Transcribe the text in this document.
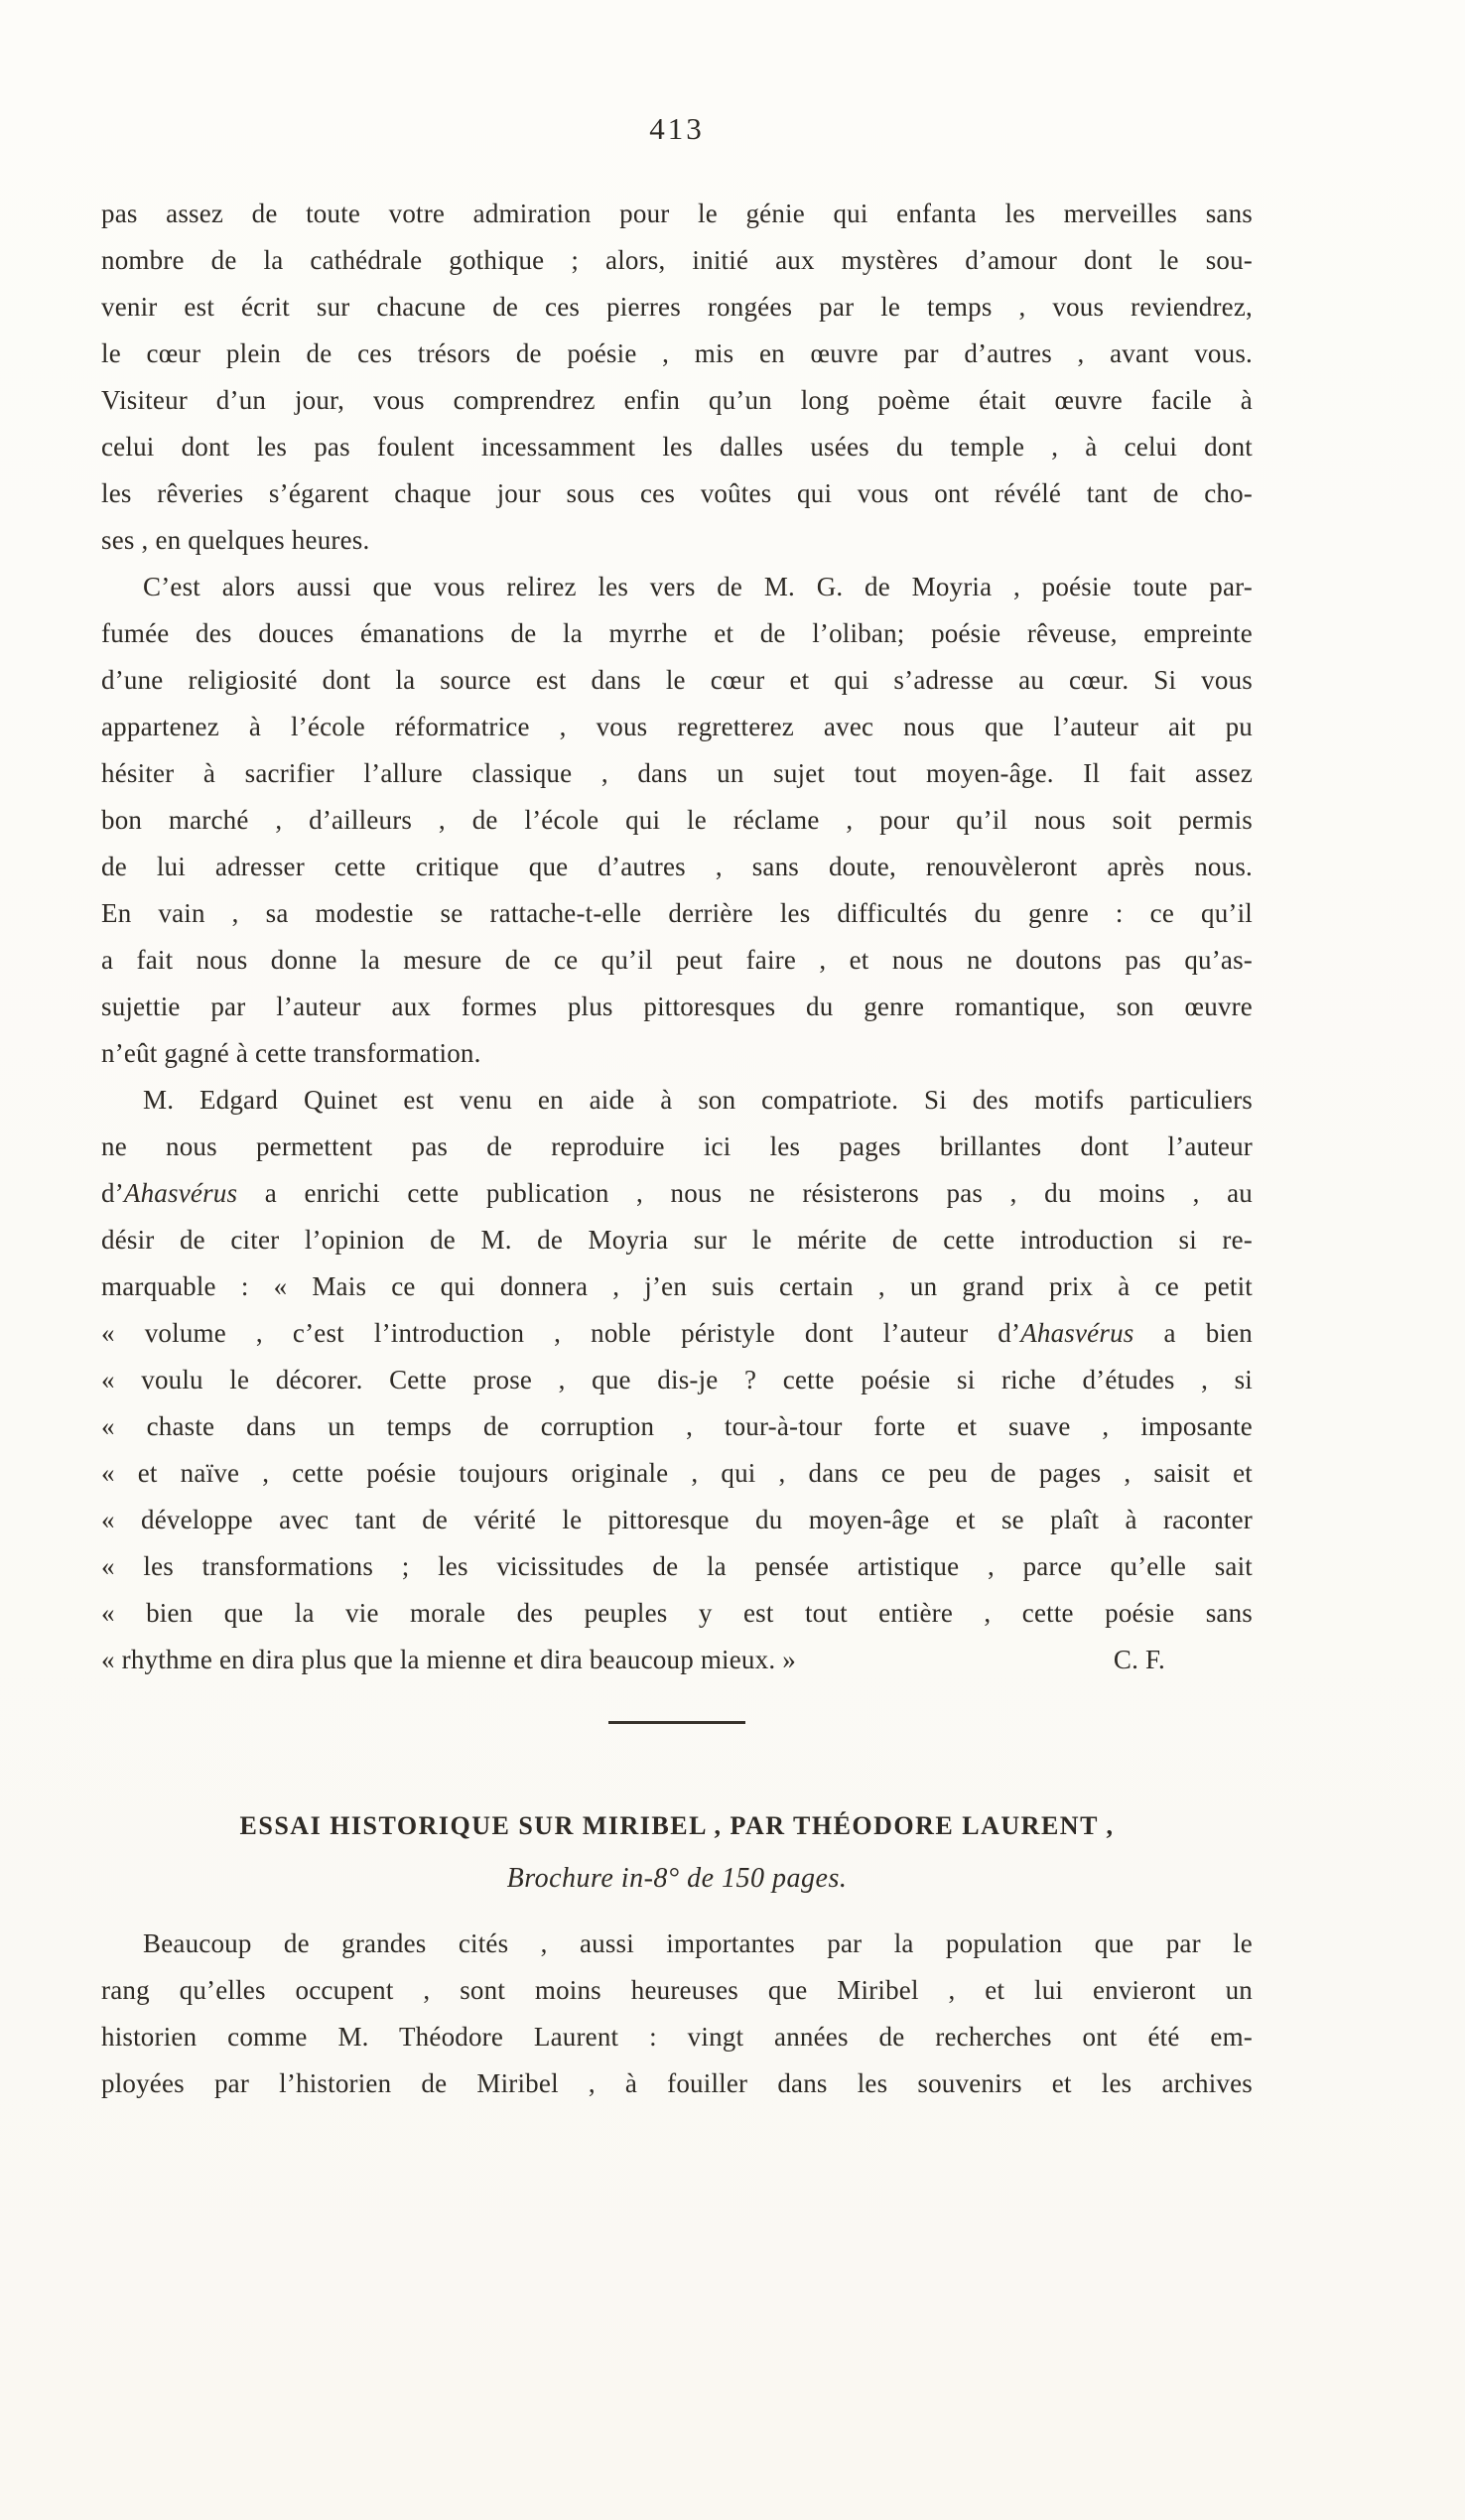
413
pas assez de toute votre admiration pour le génie qui enfanta les merveilles sans
nombre de la cathédrale gothique ; alors, initié aux mystères d’amour dont le sou-
venir est écrit sur chacune de ces pierres rongées par le temps , vous reviendrez,
le cœur plein de ces trésors de poésie , mis en œuvre par d’autres , avant vous.
Visiteur d’un jour, vous comprendrez enfin qu’un long poème était œuvre facile à
celui dont les pas foulent incessamment les dalles usées du temple , à celui dont
les rêveries s’égarent chaque jour sous ces voûtes qui vous ont révélé tant de cho-
ses , en quelques heures.
C’est alors aussi que vous relirez les vers de M. G. de Moyria , poésie toute par-
fumée des douces émanations de la myrrhe et de l’oliban; poésie rêveuse, empreinte
d’une religiosité dont la source est dans le cœur et qui s’adresse au cœur. Si vous
appartenez à l’école réformatrice , vous regretterez avec nous que l’auteur ait pu
hésiter à sacrifier l’allure classique , dans un sujet tout moyen-âge. Il fait assez
bon marché , d’ailleurs , de l’école qui le réclame , pour qu’il nous soit permis
de lui adresser cette critique que d’autres , sans doute, renouvèleront après nous.
En vain , sa modestie se rattache-t-elle derrière les difficultés du genre : ce qu’il
a fait nous donne la mesure de ce qu’il peut faire , et nous ne doutons pas qu’as-
sujettie par l’auteur aux formes plus pittoresques du genre romantique, son œuvre
n’eût gagné à cette transformation.
M. Edgard Quinet est venu en aide à son compatriote. Si des motifs particuliers
ne nous permettent pas de reproduire ici les pages brillantes dont l’auteur
d’Ahasvérus a enrichi cette publication , nous ne résisterons pas , du moins , au
désir de citer l’opinion de M. de Moyria sur le mérite de cette introduction si re-
marquable : « Mais ce qui donnera , j’en suis certain , un grand prix à ce petit
« volume , c’est l’introduction , noble péristyle dont l’auteur d’Ahasvérus a bien
« voulu le décorer. Cette prose , que dis-je ? cette poésie si riche d’études , si
« chaste dans un temps de corruption , tour-à-tour forte et suave , imposante
« et naïve , cette poésie toujours originale , qui , dans ce peu de pages , saisit et
« développe avec tant de vérité le pittoresque du moyen-âge et se plaît à raconter
« les transformations ; les vicissitudes de la pensée artistique , parce qu’elle sait
« bien que la vie morale des peuples y est tout entière , cette poésie sans
« rhythme en dira plus que la mienne et dira beaucoup mieux. »	C. F.
ESSAI HISTORIQUE SUR MIRIBEL , PAR THÉODORE LAURENT ,
Brochure in-8° de 150 pages.
Beaucoup de grandes cités , aussi importantes par la population que par le
rang qu’elles occupent , sont moins heureuses que Miribel , et lui envieront un
historien comme M. Théodore Laurent : vingt années de recherches ont été em-
ployées par l’historien de Miribel , à fouiller dans les souvenirs et les archives
